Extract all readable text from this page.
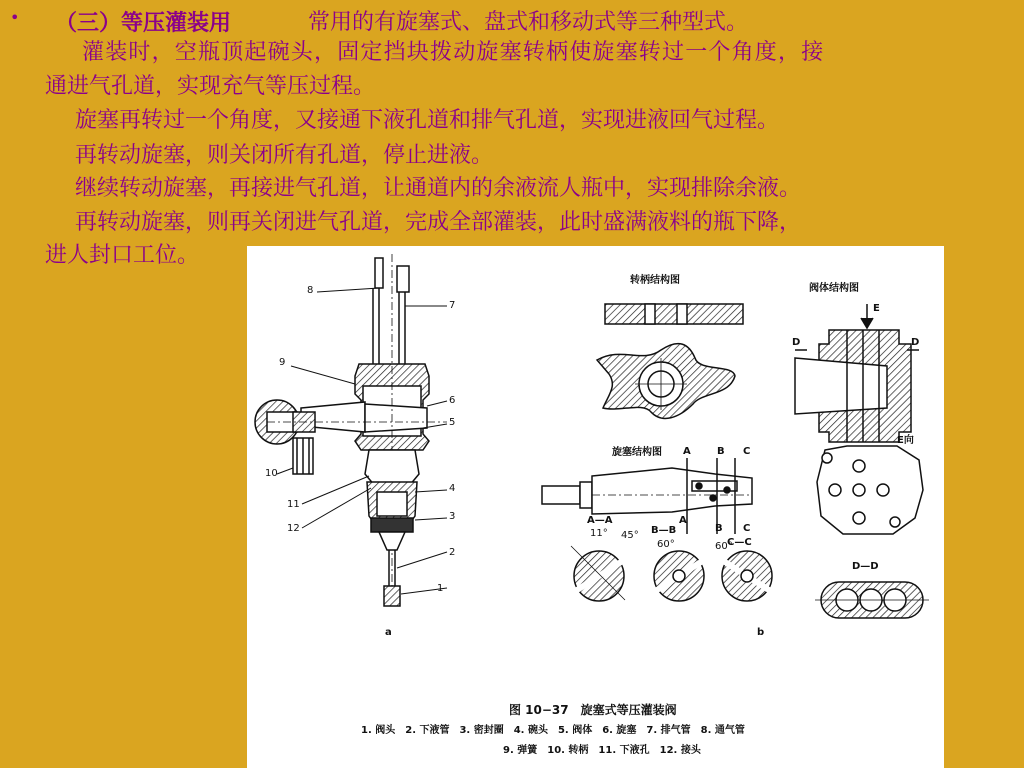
• （三）等压灌装用	常用的有旋塞式、盘式和移动式等三种型式。
灌装时，空瓶顶起碗头，固定挡块拨动旋塞转柄使旋塞转过一个角度，接
通进气孔道，实现充气等压过程。
旋塞再转过一个角度，又接通下液孔道和排气孔道，实现进液回气过程。
再转动旋塞，则关闭所有孔道，停止进液。
继续转动旋塞，再接进气孔道，让通道内的余液流人瓶中，实现排除余液。
再转动旋塞，则再关闭进气孔道，完成全部灌装，此时盛满液料的瓶下降，
进人封口工位。
1
2
3
4
5
6
7
8
9
10
11
12
转柄结构图
阀体结构图
旋塞结构图
E向
D—D
A—A
B—B
C—C
E
D	D
A	B C
A
B C
11° 45°
60°	60°
a	b
图 10−37　旋塞式等压灌装阀
1. 阀头　2. 下液管　3. 密封圈　4. 碗头　5. 阀体　6. 旋塞　7. 排气管　8. 通气管
9. 弹簧　10. 转柄　11. 下液孔　12. 接头
